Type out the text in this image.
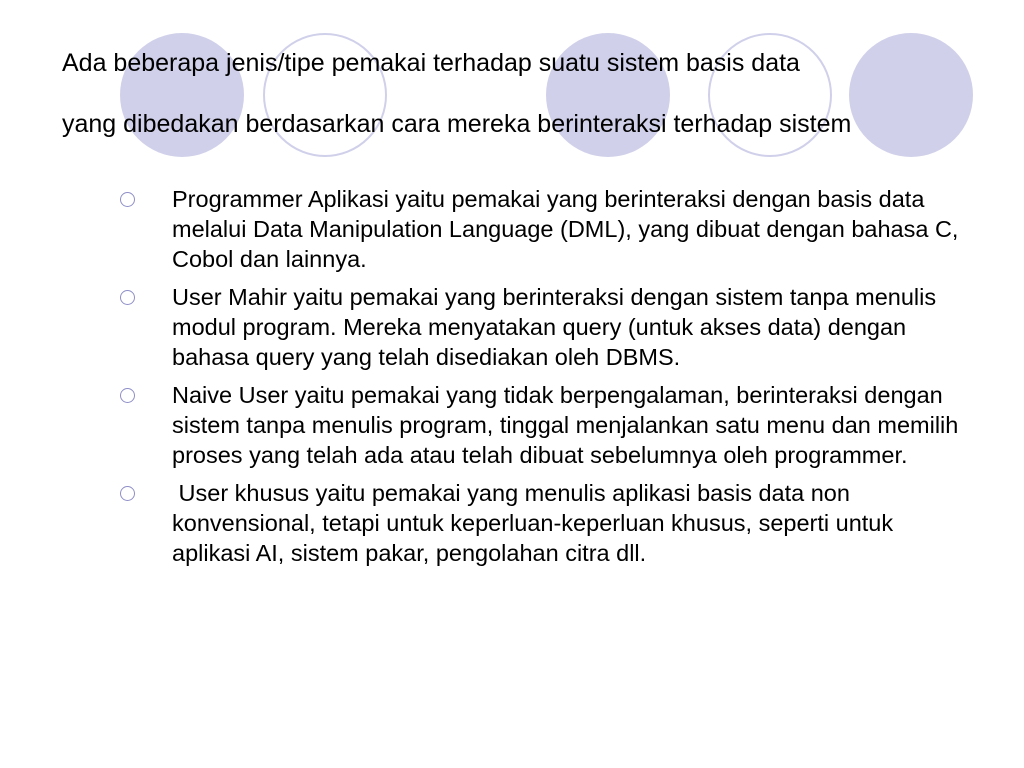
Ada beberapa jenis/tipe pemakai terhadap suatu sistem basis data
yang dibedakan berdasarkan cara mereka berinteraksi terhadap sistem
Programmer Aplikasi yaitu pemakai yang berinteraksi dengan basis data melalui Data Manipulation Language (DML), yang dibuat dengan bahasa C, Cobol dan lainnya.
User Mahir yaitu pemakai yang berinteraksi dengan sistem tanpa menulis modul program. Mereka menyatakan query (untuk akses data) dengan bahasa query yang telah disediakan oleh DBMS.
Naive User yaitu pemakai yang tidak berpengalaman, berinteraksi dengan sistem tanpa menulis program, tinggal menjalankan satu menu dan memilih proses yang telah ada atau telah dibuat sebelumnya oleh programmer.
User khusus yaitu pemakai yang menulis aplikasi basis data non konvensional, tetapi untuk keperluan-keperluan khusus, seperti untuk aplikasi AI, sistem pakar, pengolahan citra dll.
